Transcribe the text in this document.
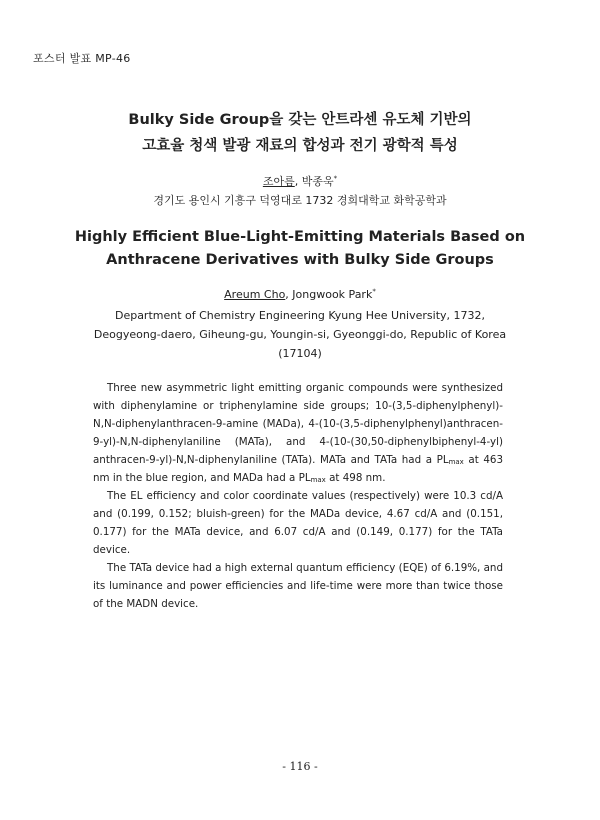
포스터 발표 MP-46
Bulky Side Group을 갖는 안트라센 유도체 기반의
고효율 청색 발광 재료의 합성과 전기 광학적 특성
조아름, 박종욱*
경기도 용인시 기흥구 덕영대로 1732 경희대학교 화학공학과
Highly Efficient Blue-Light-Emitting Materials Based on
Anthracene Derivatives with Bulky Side Groups
Areum Cho, Jongwook Park*
Department of Chemistry Engineering Kyung Hee University, 1732,
Deogyeong-daero, Giheung-gu, Youngin-si, Gyeonggi-do, Republic of Korea
(17104)

Three new asymmetric light emitting organic compounds were synthesized with diphenylamine or triphenylamine side groups; 10-(3,5-diphenylphenyl)-N,N-diphenylanthracen-9-amine (MADa), 4-(10-(3,5-diphenylphenyl)anthracen-9-yl)-N,N-diphenylaniline (MATa), and 4-(10-(30,50-diphenylbiphenyl-4-yl) anthracen-9-yl)-N,N-diphenylaniline (TATa). MATa and TATa had a $PL_{max}$ at 463 nm in the blue region, and MADa had a $PL_{max}$ at 498 nm.

The EL efficiency and color coordinate values (respectively) were 10.3 cd/A and (0.199, 0.152; bluish-green) for the MADa device, 4.67 cd/A and (0.151, 0.177) for the MATa device, and 6.07 cd/A and (0.149, 0.177) for the TATa device.

The TATa device had a high external quantum efficiency (EQE) of 6.19%, and its luminance and power efficiencies and life-time were more than twice those of the MADN device.

- 116 -
